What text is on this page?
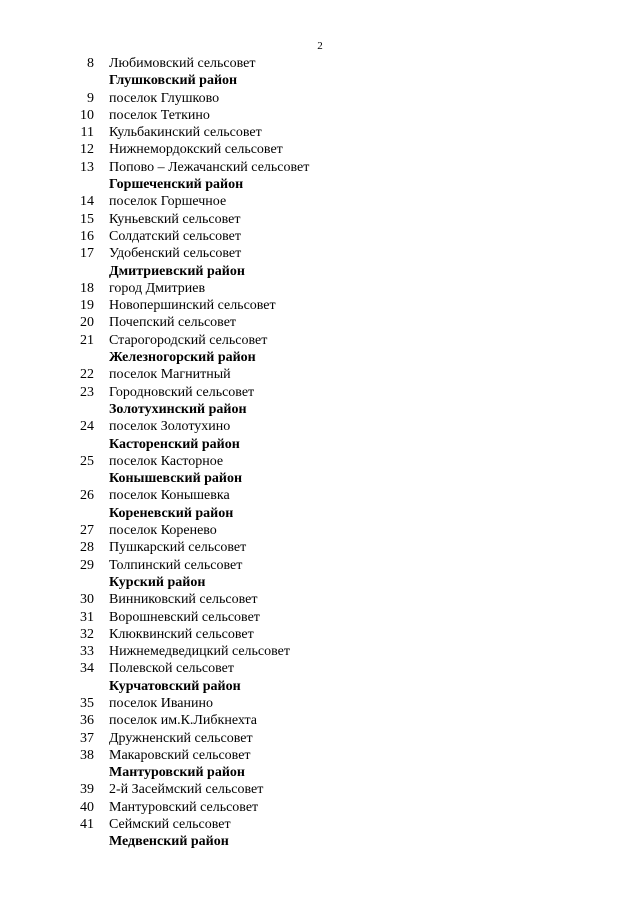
2
8 Любимовский сельсовет
Глушковский район
9 поселок Глушково
10 поселок Теткино
11 Кульбакинский сельсовет
12 Нижнемордокский сельсовет
13 Попово – Лежачанский сельсовет
Горшеченский район
14 поселок Горшечное
15 Куньевский сельсовет
16 Солдатский сельсовет
17 Удобенский сельсовет
Дмитриевский район
18 город Дмитриев
19 Новопершинский сельсовет
20 Почепский сельсовет
21 Старогородский сельсовет
Железногорский район
22 поселок Магнитный
23 Городновский сельсовет
Золотухинский район
24 поселок Золотухино
Касторенский район
25 поселок Касторное
Конышевский район
26 поселок Конышевка
Кореневский район
27 поселок Коренево
28 Пушкарский сельсовет
29 Толпинский сельсовет
Курский район
30 Винниковский сельсовет
31 Ворошневский сельсовет
32 Клюквинский сельсовет
33 Нижнемедведицкий сельсовет
34 Полевской сельсовет
Курчатовский район
35 поселок Иванино
36 поселок им.К.Либкнехта
37 Дружненский сельсовет
38 Макаровский сельсовет
Мантуровский район
39 2-й Засеймский сельсовет
40 Мантуровский сельсовет
41 Сеймский сельсовет
Медвенский район
